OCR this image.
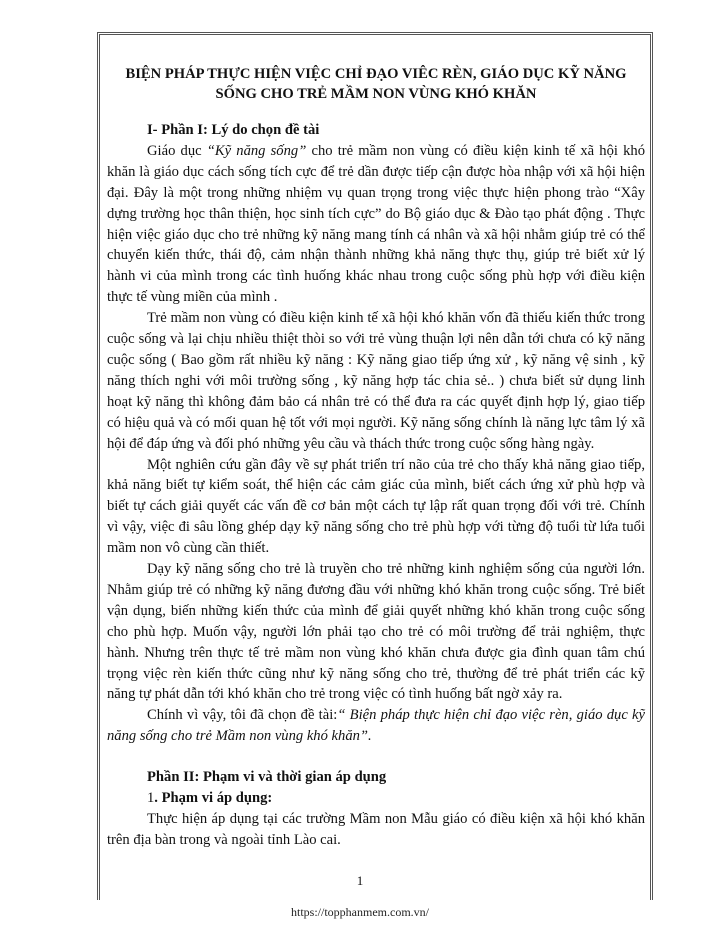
BIỆN PHÁP THỰC HIỆN VIỆC CHỈ ĐẠO VIÊC RÈN, GIÁO DỤC KỸ NĂNG SỐNG CHO TRẺ MẦM NON VÙNG KHÓ KHĂN
I- Phần I: Lý do chọn đề tài

Giáo dục “Kỹ năng sống” cho trẻ mầm non vùng có điều kiện kinh tế xã hội khó khăn là giáo dục cách sống tích cực để trẻ dần được tiếp cận được hòa nhập với xã hội hiện đại. Đây là một trong những nhiệm vụ quan trọng trong việc thực hiện phong trào “Xây dựng trường học thân thiện, học sinh tích cực” do Bộ giáo dục & Đào tạo phát động . Thực hiện việc giáo dục cho trẻ những kỹ năng mang tính cá nhân và xã hội nhằm giúp trẻ có thể chuyển kiến thức, thái độ, cảm nhận thành những khả năng thực thụ, giúp trẻ biết xử lý hành vi của mình trong các tình huống khác nhau trong cuộc sống phù hợp với điều kiện thực tế vùng miền của mình .

Trẻ mầm non vùng có điều kiện kinh tế xã hội khó khăn vốn đã thiếu kiến thức trong cuộc sống và lại chịu nhiều thiệt thòi so với trẻ vùng thuận lợi nên dẫn tới chưa có kỹ năng cuộc sống ( Bao gồm rất nhiều kỹ năng : Kỹ năng giao tiếp ứng xử , kỹ năng vệ sinh , kỹ năng thích nghi với môi trường sống , kỹ năng hợp tác chia sẻ.. ) chưa biết sử dụng linh hoạt kỹ năng thì không đảm bảo cá nhân trẻ có thể đưa ra các quyết định hợp lý, giao tiếp có hiệu quả và có mối quan hệ tốt với mọi người. Kỹ năng sống chính là năng lực tâm lý xã hội để đáp ứng và đối phó những yêu cầu và thách thức trong cuộc sống hàng ngày.

Một nghiên cứu gần đây về sự phát triển trí não của trẻ cho thấy khả năng giao tiếp, khả năng biết tự kiểm soát, thể hiện các cảm giác của mình, biết cách ứng xử phù hợp và biết tự cách giải quyết các vấn đề cơ bản một cách tự lập rất quan trọng đối với trẻ. Chính vì vậy, việc đi sâu lồng ghép dạy kỹ năng sống cho trẻ phù hợp với từng độ tuổi từ lứa tuổi mầm non vô cùng cần thiết.

Dạy kỹ năng sống cho trẻ là truyền cho trẻ những kinh nghiệm sống của người lớn. Nhằm giúp trẻ có những kỹ năng đương đầu với những khó khăn trong cuộc sống. Trẻ biết vận dụng, biến những kiến thức của mình để giải quyết những khó khăn trong cuộc sống cho phù hợp. Muốn vậy, người lớn phải tạo cho trẻ có môi trường để trải nghiệm, thực hành. Nhưng trên thực tế trẻ mầm non vùng khó khăn chưa được gia đình quan tâm chú trọng việc rèn kiến thức cũng như kỹ năng sống cho trẻ, thường để trẻ phát triển các kỹ năng tự phát dẫn tới khó khăn cho trẻ trong việc có tình huống bất ngờ xảy ra.

Chính vì vậy, tôi đã chọn đề tài:“ Biện pháp thực hiện chỉ đạo việc rèn, giáo dục kỹ năng sống cho trẻ Mầm non vùng khó khăn”.

Phần II: Phạm vi và thời gian áp dụng
1. Phạm vi áp dụng:

Thực hiện áp dụng tại các trường Mầm non Mẫu giáo có điều kiện xã hội khó khăn trên địa bàn trong và ngoài tỉnh Lào cai.

1
https://topphanmem.com.vn/
